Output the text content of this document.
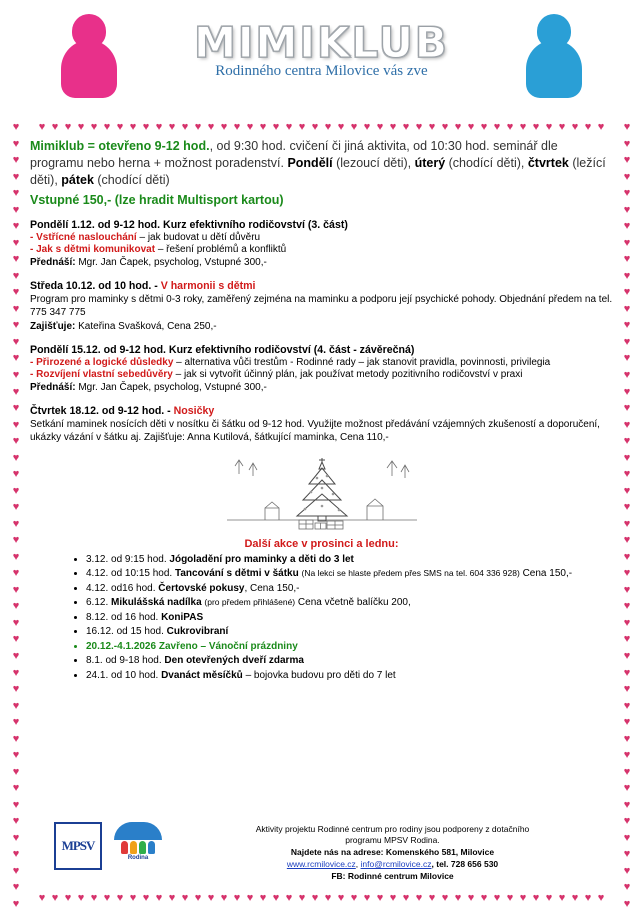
MIMIKLUB
Rodinného centra Milovice vás zve
♥
♥
♥
♥
♥
♥
♥
♥
♥
♥
♥
♥
♥
♥
♥
♥
♥
♥
♥
♥
♥
♥
♥
♥
♥
♥
♥
♥
♥
♥
♥
♥
♥
♥
♥
♥
♥
♥
♥
♥
♥
♥
♥
♥
♥
♥
♥
♥
♥
♥
♥
♥
♥
♥
♥
♥
♥
♥
♥
♥
♥
♥
♥
♥
♥
♥
♥
♥
♥
♥
♥
♥
♥
♥
♥
♥
♥
♥
♥
♥
♥
♥
♥
♥
♥
♥
♥
♥
♥
♥
♥
♥
♥
♥
♥
♥
♥
♥
♥
♥
♥
♥
♥
♥
♥
♥
♥
♥
♥
♥
♥
♥
♥
♥
♥
♥
♥
♥
♥
♥
♥
♥
♥
♥
♥
♥
♥
♥
♥
♥
♥
♥
♥
♥
♥
♥
♥
♥
♥
♥
♥
♥
♥
♥
♥
♥
♥
♥
♥
♥
♥
♥
♥
♥
♥
♥
♥
♥
♥
♥
♥
♥
♥
♥
♥
♥
♥
♥
♥
♥
♥
♥
♥
♥
♥
♥
♥
♥
♥
♥
♥
♥
♥
♥
Mimiklub = otevřeno 9-12 hod., od 9:30 hod. cvičení či jiná aktivita, od 10:30 hod. seminář dle programu nebo herna + možnost poradenství. Pondělí (lezoucí děti), úterý (chodící děti), čtvrtek (ležící děti), pátek (chodící děti)
Vstupné 150,- (lze hradit Multisport kartou)
Pondělí 1.12. od 9-12 hod. Kurz efektivního rodičovství (3. část)
- Vstřícné naslouchání – jak budovat u dětí důvěru
- Jak s dětmi komunikovat – řešení problémů a konfliktů
Přednáší: Mgr. Jan Čapek, psycholog, Vstupné 300,-
Středa 10.12. od 10 hod. - V harmonii s dětmi
Program pro maminky s dětmi 0-3 roky, zaměřený zejména na maminku a podporu její psychické pohody. Objednání předem na tel. 775 347 775
Zajišťuje: Kateřina Svašková, Cena 250,-
Pondělí 15.12. od 9-12 hod. Kurz efektivního rodičovství (4. část - závěrečná)
- Přirozené a logické důsledky – alternativa vůči trestům - Rodinné rady – jak stanovit pravidla, povinnosti, privilegia
- Rozvíjení vlastní sebedůvěry – jak si vytvořit účinný plán, jak používat metody pozitivního rodičovství v praxi
Přednáší: Mgr. Jan Čapek, psycholog, Vstupné 300,-
Čtvrtek 18.12. od 9-12 hod. - Nosičky
Setkání maminek nosících děti v nosítku či šátku od 9-12 hod. Využijte možnost předávání vzájemných zkušeností a doporučení, ukázky vázání v šátku aj. Zajišťuje: Anna Kutilová, šátkující maminka, Cena 110,-
Další akce v prosinci a lednu:
• 3.12. od 9:15 hod. Jógoladění pro maminky a děti do 3 let
• 4.12. od 10:15 hod. Tancování s dětmi v šátku (Na lekci se hlaste předem přes SMS na tel. 604 336 928) Cena 150,-
• 4.12. od16 hod. Čertovské pokusy, Cena 150,-
• 6.12. Mikulášská nadílka (pro předem přihlášené) Cena včetně balíčku 200,
• 8.12. od 16 hod. KoniPAS
• 16.12. od 15 hod. Cukrovibraní
• 20.12.-4.1.2026 Zavřeno – Vánoční prázdniny
• 8.1. od 9-18 hod. Den otevřených dveří zdarma
• 24.1. od 10 hod. Dvanáct měsíčků – bojovka budovu pro děti do 7 let
MPSV
Rodina
Aktivity projektu Rodinné centrum pro rodiny jsou podporeny z dotačního
programu MPSV Rodina.
Najdete nás na adrese: Komenského 581, Milovice
www.rcmilovice.cz, info@rcmilovice.cz, tel. 728 656 530
FB: Rodinné centrum Milovice
